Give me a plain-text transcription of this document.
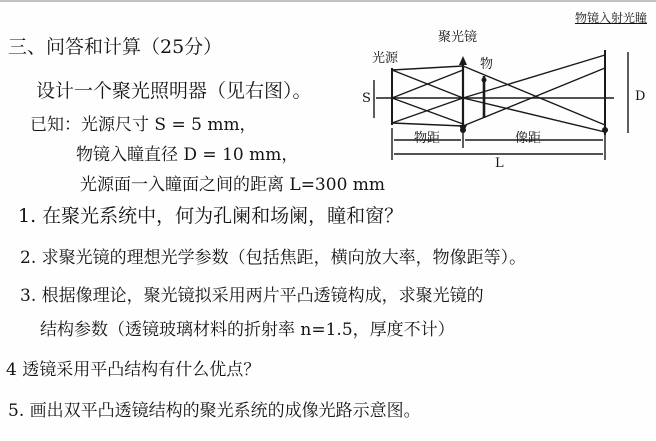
三、问答和计算（25分）
设计一个聚光照明器（见右图）。
已知：光源尺寸 S = 5 mm，
物镜入瞳直径 D = 10 mm，
光源面一入瞳面之间的距离 L=300 mm
光源
聚光镜
物
物镜入射光瞳
S	D
物距	像距
L
1. 在聚光系统中，何为孔阑和场阑，瞳和窗？
2. 求聚光镜的理想光学参数（包括焦距，横向放大率，物像距等）。
3. 根据像理论，聚光镜拟采用两片平凸透镜构成，求聚光镜的
结构参数（透镜玻璃材料的折射率 n=1.5，厚度不计）
4 透镜采用平凸结构有什么优点？
5. 画出双平凸透镜结构的聚光系统的成像光路示意图。
